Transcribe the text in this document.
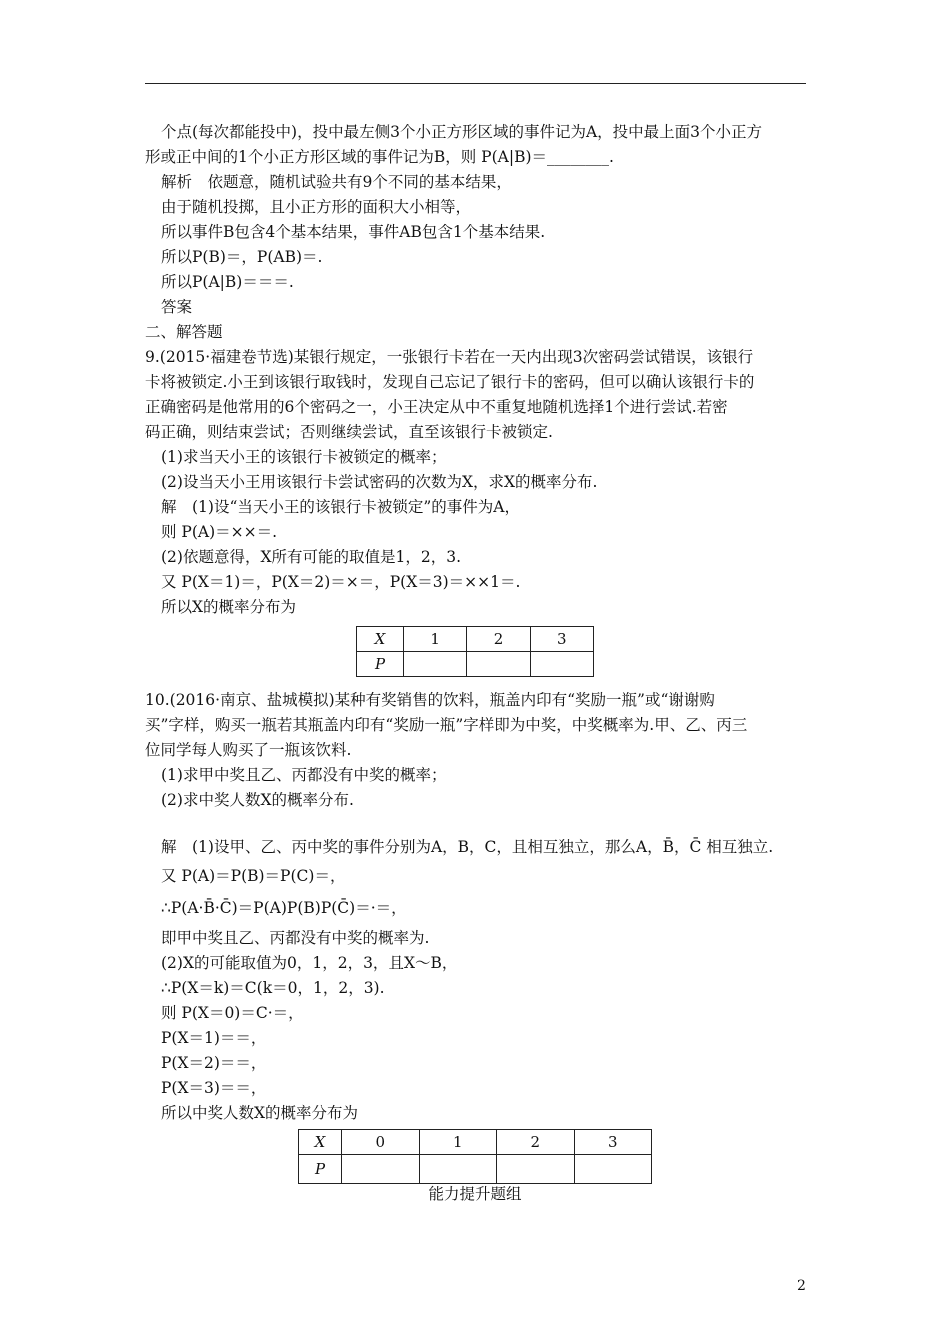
个点(每次都能投中)，投中最左侧3个小正方形区域的事件记为A，投中最上面3个小正方
形或正中间的1个小正方形区域的事件记为B，则 P(A|B)＝________.
解析　依题意，随机试验共有9个不同的基本结果，
由于随机投掷，且小正方形的面积大小相等，
所以事件B包含4个基本结果，事件AB包含1个基本结果.
所以P(B)＝，P(AB)＝.
所以P(A|B)＝＝＝.
答案
二、解答题
9.(2015·福建卷节选)某银行规定，一张银行卡若在一天内出现3次密码尝试错误，该银行
卡将被锁定.小王到该银行取钱时，发现自己忘记了银行卡的密码，但可以确认该银行卡的
正确密码是他常用的6个密码之一，小王决定从中不重复地随机选择1个进行尝试.若密
码正确，则结束尝试；否则继续尝试，直至该银行卡被锁定.
(1)求当天小王的该银行卡被锁定的概率；
(2)设当天小王用该银行卡尝试密码的次数为X，求X的概率分布.
解　(1)设“当天小王的该银行卡被锁定”的事件为A，
则 P(A)＝××＝.
(2)依题意得，X所有可能的取值是1，2，3.
又 P(X＝1)＝，P(X＝2)＝×＝，P(X＝3)＝××1＝.
所以X的概率分布为
X	1	2	3
P			
10.(2016·南京、盐城模拟)某种有奖销售的饮料，瓶盖内印有“奖励一瓶”或“谢谢购
买”字样，购买一瓶若其瓶盖内印有“奖励一瓶”字样即为中奖，中奖概率为.甲、乙、丙三
位同学每人购买了一瓶该饮料.
(1)求甲中奖且乙、丙都没有中奖的概率；
(2)求中奖人数X的概率分布.
解　(1)设甲、乙、丙中奖的事件分别为A，B，C，且相互独立，那么A，B̄，C̄ 相互独立.
又 P(A)＝P(B)＝P(C)＝，
∴P(A·B̄·C̄)＝P(A)P(B)P(C̄)＝·＝，
即甲中奖且乙、丙都没有中奖的概率为.
(2)X的可能取值为0，1，2，3，且X～B，
∴P(X＝k)＝C(k＝0，1，2，3).
则 P(X＝0)＝C·＝，
P(X＝1)＝＝，
P(X＝2)＝＝，
P(X＝3)＝＝，
所以中奖人数X的概率分布为
X	0	1	2	3
P				
能力提升题组
2
